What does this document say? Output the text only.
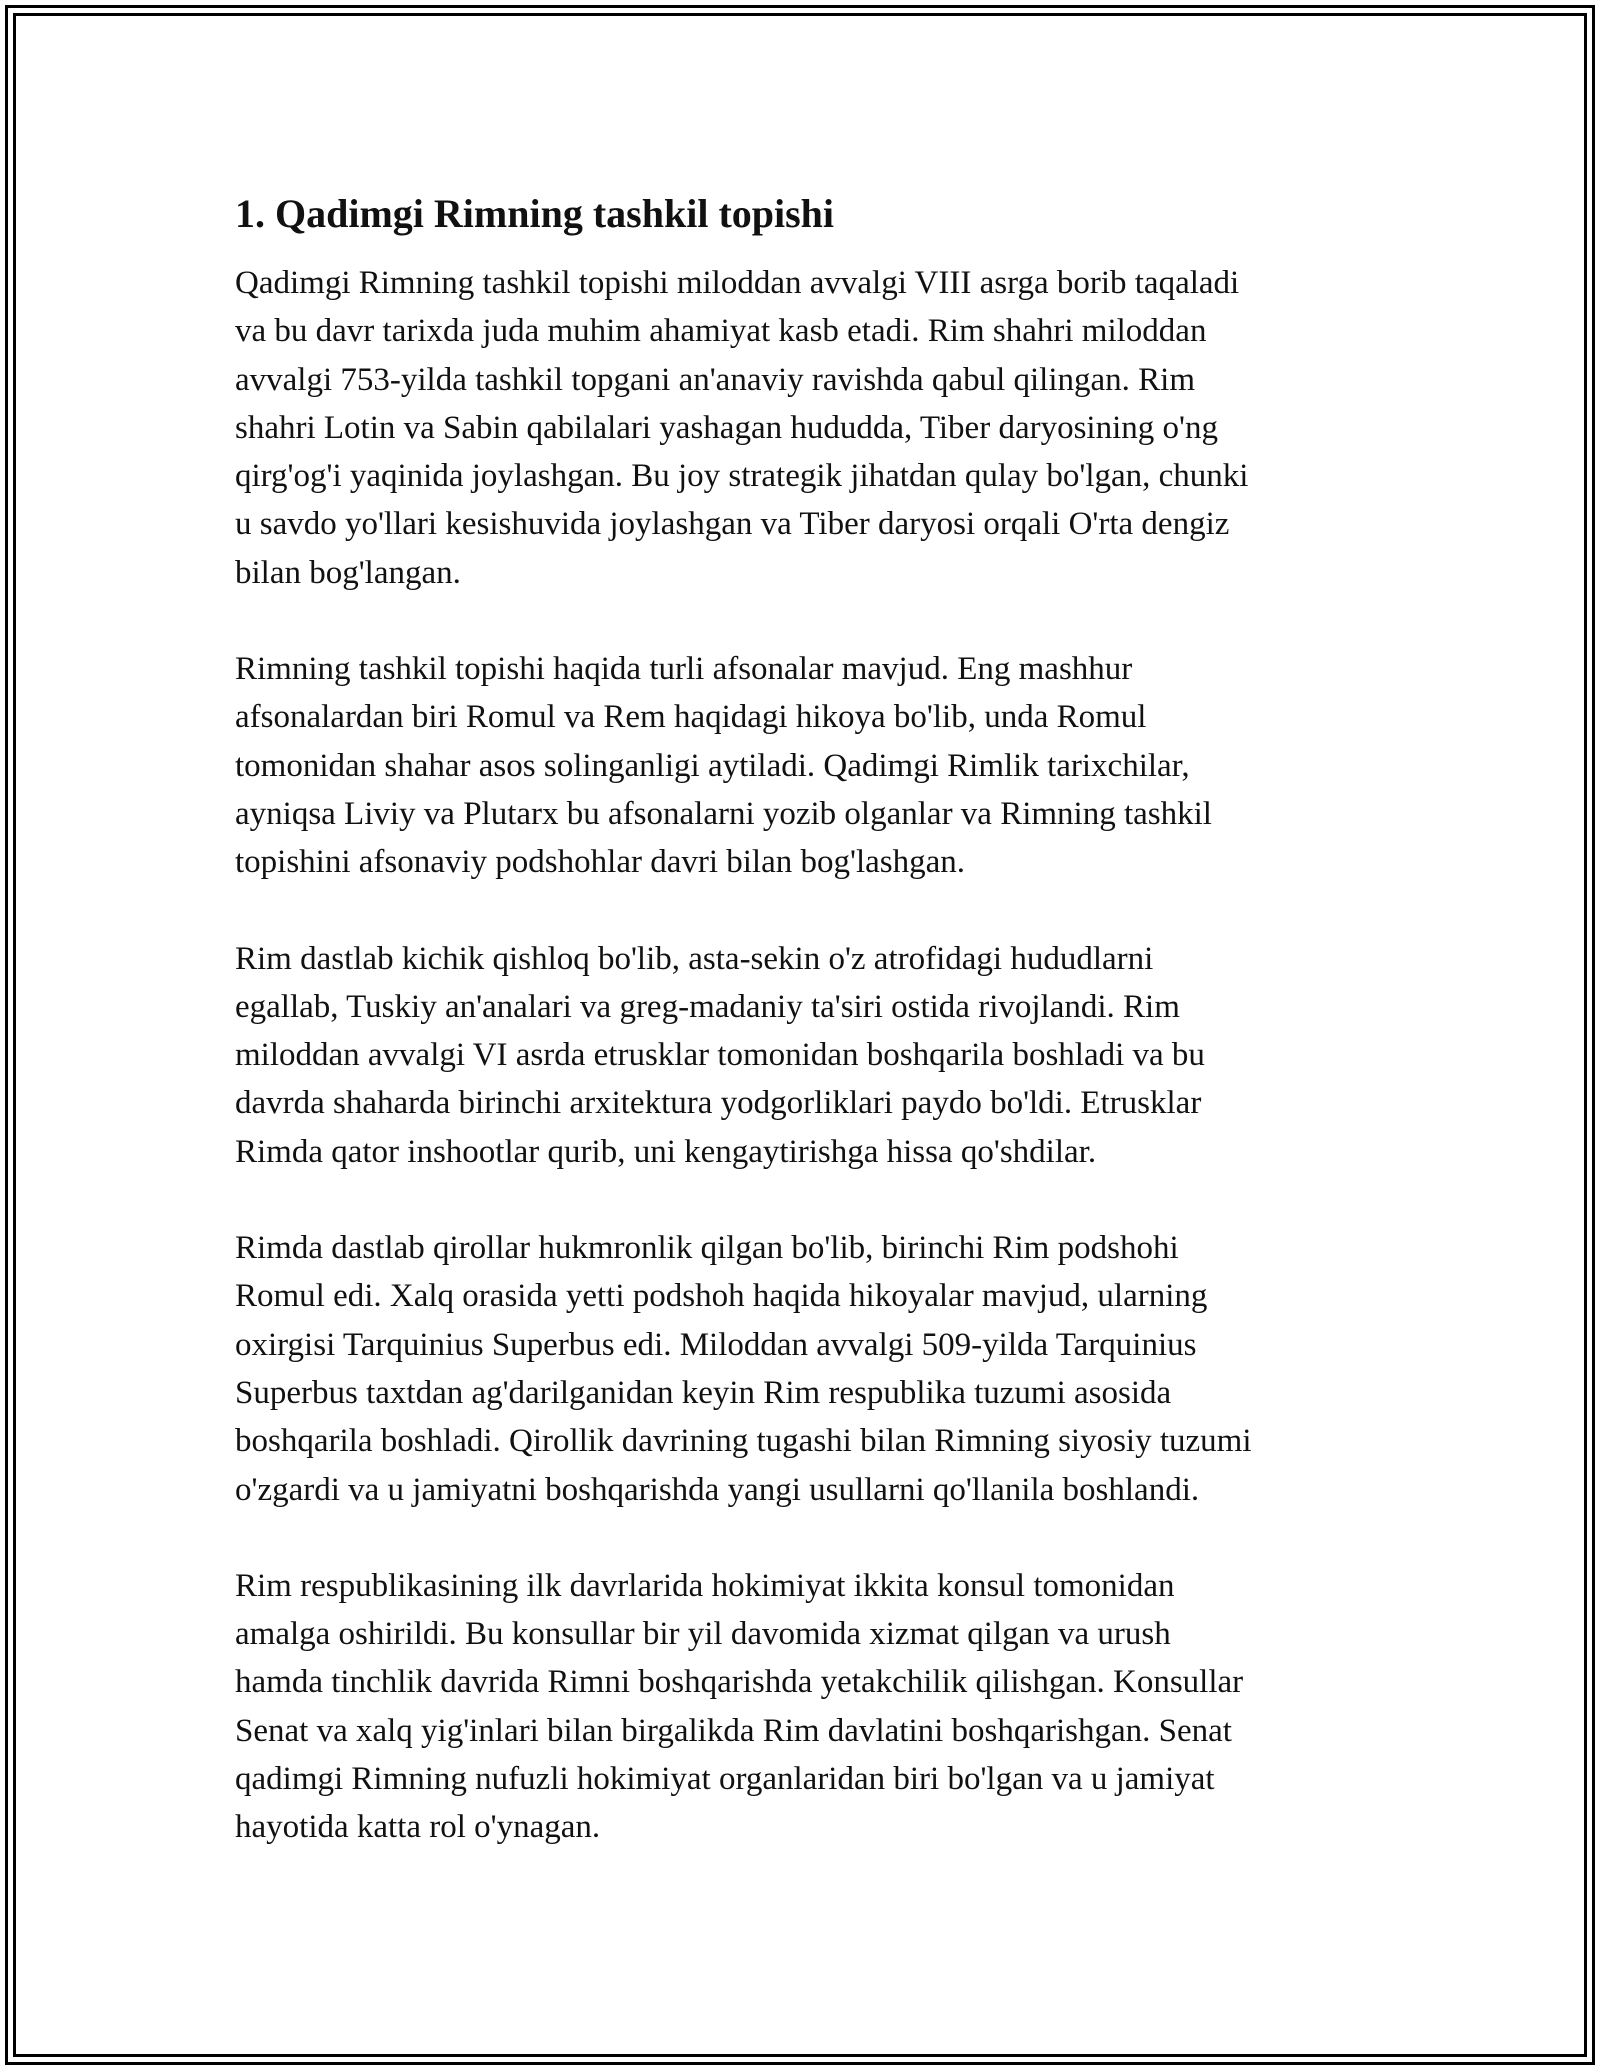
1. Qadimgi Rimning tashkil topishi
Qadimgi Rimning tashkil topishi miloddan avvalgi VIII asrga borib taqaladi
va bu davr tarixda juda muhim ahamiyat kasb etadi. Rim shahri miloddan
avvalgi 753-yilda tashkil topgani an'anaviy ravishda qabul qilingan. Rim
shahri Lotin va Sabin qabilalari yashagan hududda, Tiber daryosining o'ng
qirg'og'i yaqinida joylashgan. Bu joy strategik jihatdan qulay bo'lgan, chunki
u savdo yo'llari kesishuvida joylashgan va Tiber daryosi orqali O'rta dengiz
bilan bog'langan.
Rimning tashkil topishi haqida turli afsonalar mavjud. Eng mashhur
afsonalardan biri Romul va Rem haqidagi hikoya bo'lib, unda Romul
tomonidan shahar asos solinganligi aytiladi. Qadimgi Rimlik tarixchilar,
ayniqsa Liviy va Plutarx bu afsonalarni yozib olganlar va Rimning tashkil
topishini afsonaviy podshohlar davri bilan bog'lashgan.
Rim dastlab kichik qishloq bo'lib, asta-sekin o'z atrofidagi hududlarni
egallab, Tuskiy an'analari va greg-madaniy ta'siri ostida rivojlandi. Rim
miloddan avvalgi VI asrda etrusklar tomonidan boshqarila boshladi va bu
davrda shaharda birinchi arxitektura yodgorliklari paydo bo'ldi. Etrusklar
Rimda qator inshootlar qurib, uni kengaytirishga hissa qo'shdilar.
Rimda dastlab qirollar hukmronlik qilgan bo'lib, birinchi Rim podshohi
Romul edi. Xalq orasida yetti podshoh haqida hikoyalar mavjud, ularning
oxirgisi Tarquinius Superbus edi. Miloddan avvalgi 509-yilda Tarquinius
Superbus taxtdan ag'darilganidan keyin Rim respublika tuzumi asosida
boshqarila boshladi. Qirollik davrining tugashi bilan Rimning siyosiy tuzumi
o'zgardi va u jamiyatni boshqarishda yangi usullarni qo'llanila boshlandi.
Rim respublikasining ilk davrlarida hokimiyat ikkita konsul tomonidan
amalga oshirildi. Bu konsullar bir yil davomida xizmat qilgan va urush
hamda tinchlik davrida Rimni boshqarishda yetakchilik qilishgan. Konsullar
Senat va xalq yig'inlari bilan birgalikda Rim davlatini boshqarishgan. Senat
qadimgi Rimning nufuzli hokimiyat organlaridan biri bo'lgan va u jamiyat
hayotida katta rol o'ynagan.
